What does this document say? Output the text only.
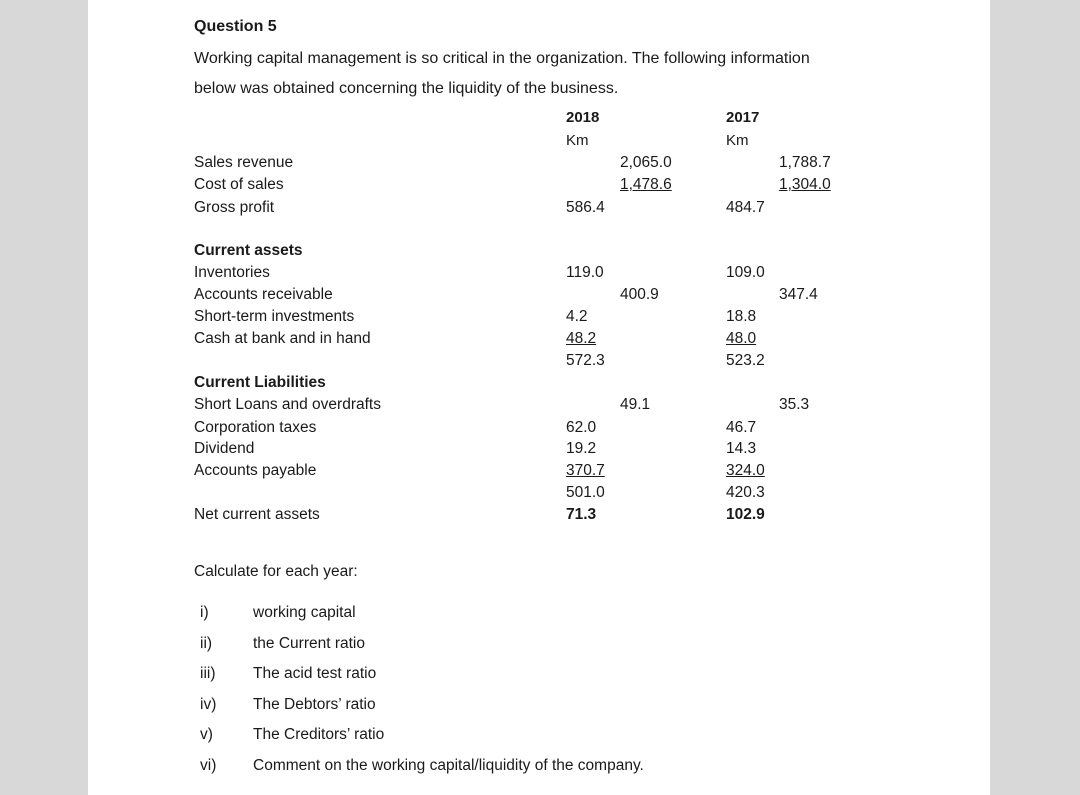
Question 5
Working capital management is so critical in the organization. The following information
below was obtained concerning the liquidity of the business.
2018
Km
2017
Km
Sales revenue	2,065.0	1,788.7
Cost of sales	1,478.6	1,304.0
Gross profit	586.4	484.7
Current assets
Inventories	119.0	109.0
Accounts receivable	400.9	347.4
Short-term investments	4.2	18.8
Cash at bank and in hand	48.2	48.0
572.3	523.2
Current Liabilities
Short Loans and overdrafts	49.1	35.3
Corporation taxes	62.0	46.7
Dividend	19.2	14.3
Accounts payable	370.7	324.0
501.0	420.3
Net current assets	71.3	102.9
Calculate for each year:
i)	working capital
ii)	the Current ratio
iii) The acid test ratio
iv) The Debtors’ ratio
v)	The Creditors’ ratio
vi) Comment on the working capital/liquidity of the company.
